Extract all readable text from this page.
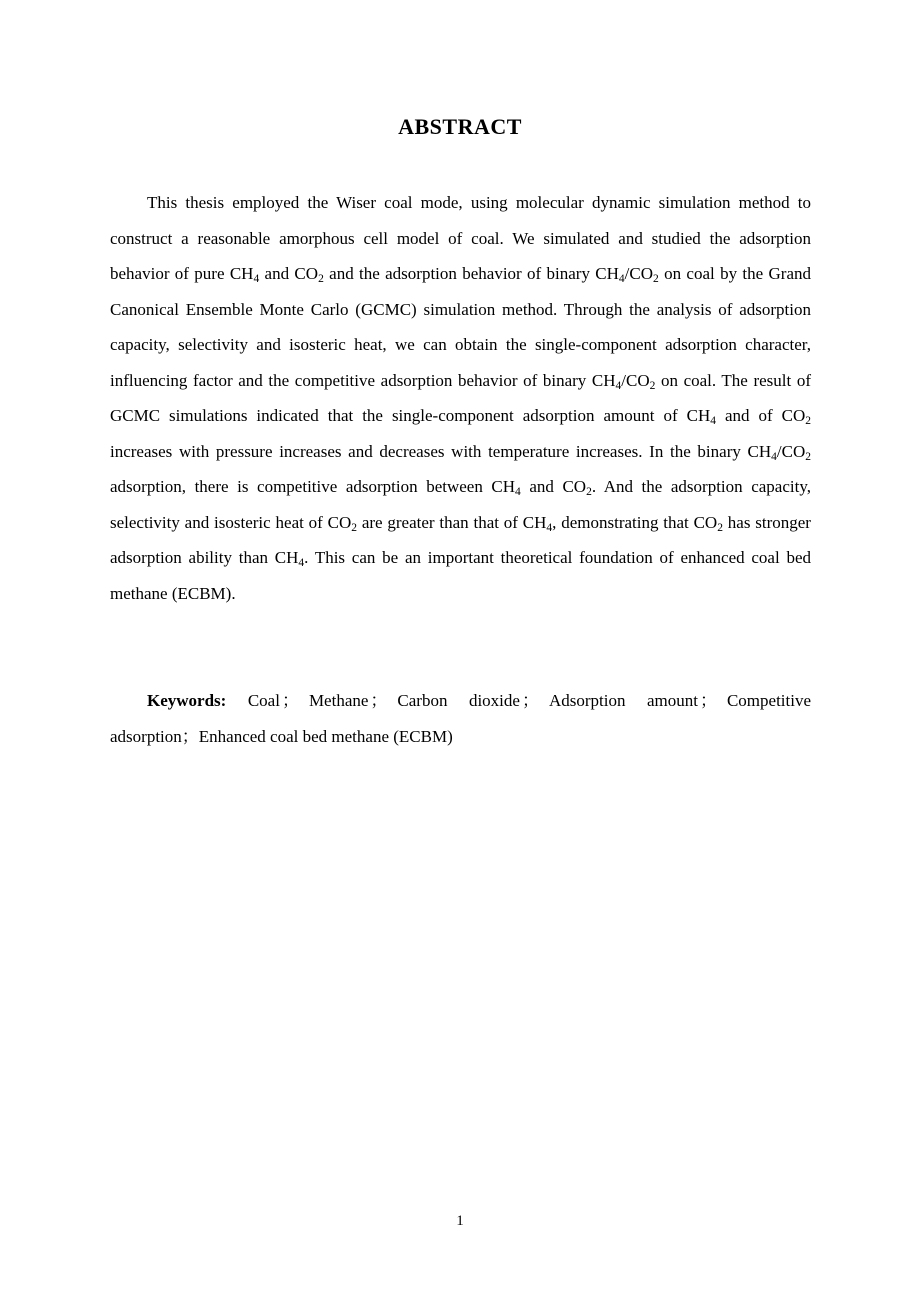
ABSTRACT

This thesis employed the Wiser coal mode, using molecular dynamic simulation method to construct a reasonable amorphous cell model of coal. We simulated and studied the adsorption behavior of pure $CH_4$ and $CO_2$ and the adsorption behavior of binary $CH_4/CO_2$ on coal by the Grand Canonical Ensemble Monte Carlo (GCMC) simulation method. Through the analysis of adsorption capacity, selectivity and isosteric heat, we can obtain the single-component adsorption character, influencing factor and the competitive adsorption behavior of binary $CH_4/CO_2$ on coal. The result of GCMC simulations indicated that the single-component adsorption amount of $CH_4$ and of $CO_2$ increases with pressure increases and decreases with temperature increases. In the binary $CH_4/CO_2$ adsorption, there is competitive adsorption between $CH_4$ and $CO_2$. And the adsorption capacity, selectivity and isosteric heat of $CO_2$ are greater than that of $CH_4$, demonstrating that $CO_2$ has stronger adsorption ability than $CH_4$. This can be an important theoretical foundation of enhanced coal bed methane (ECBM).

Keywords: Coal ； Methane ； Carbon dioxide ； Adsorption amount ； Competitive adsorption；Enhanced coal bed methane (ECBM)

1
